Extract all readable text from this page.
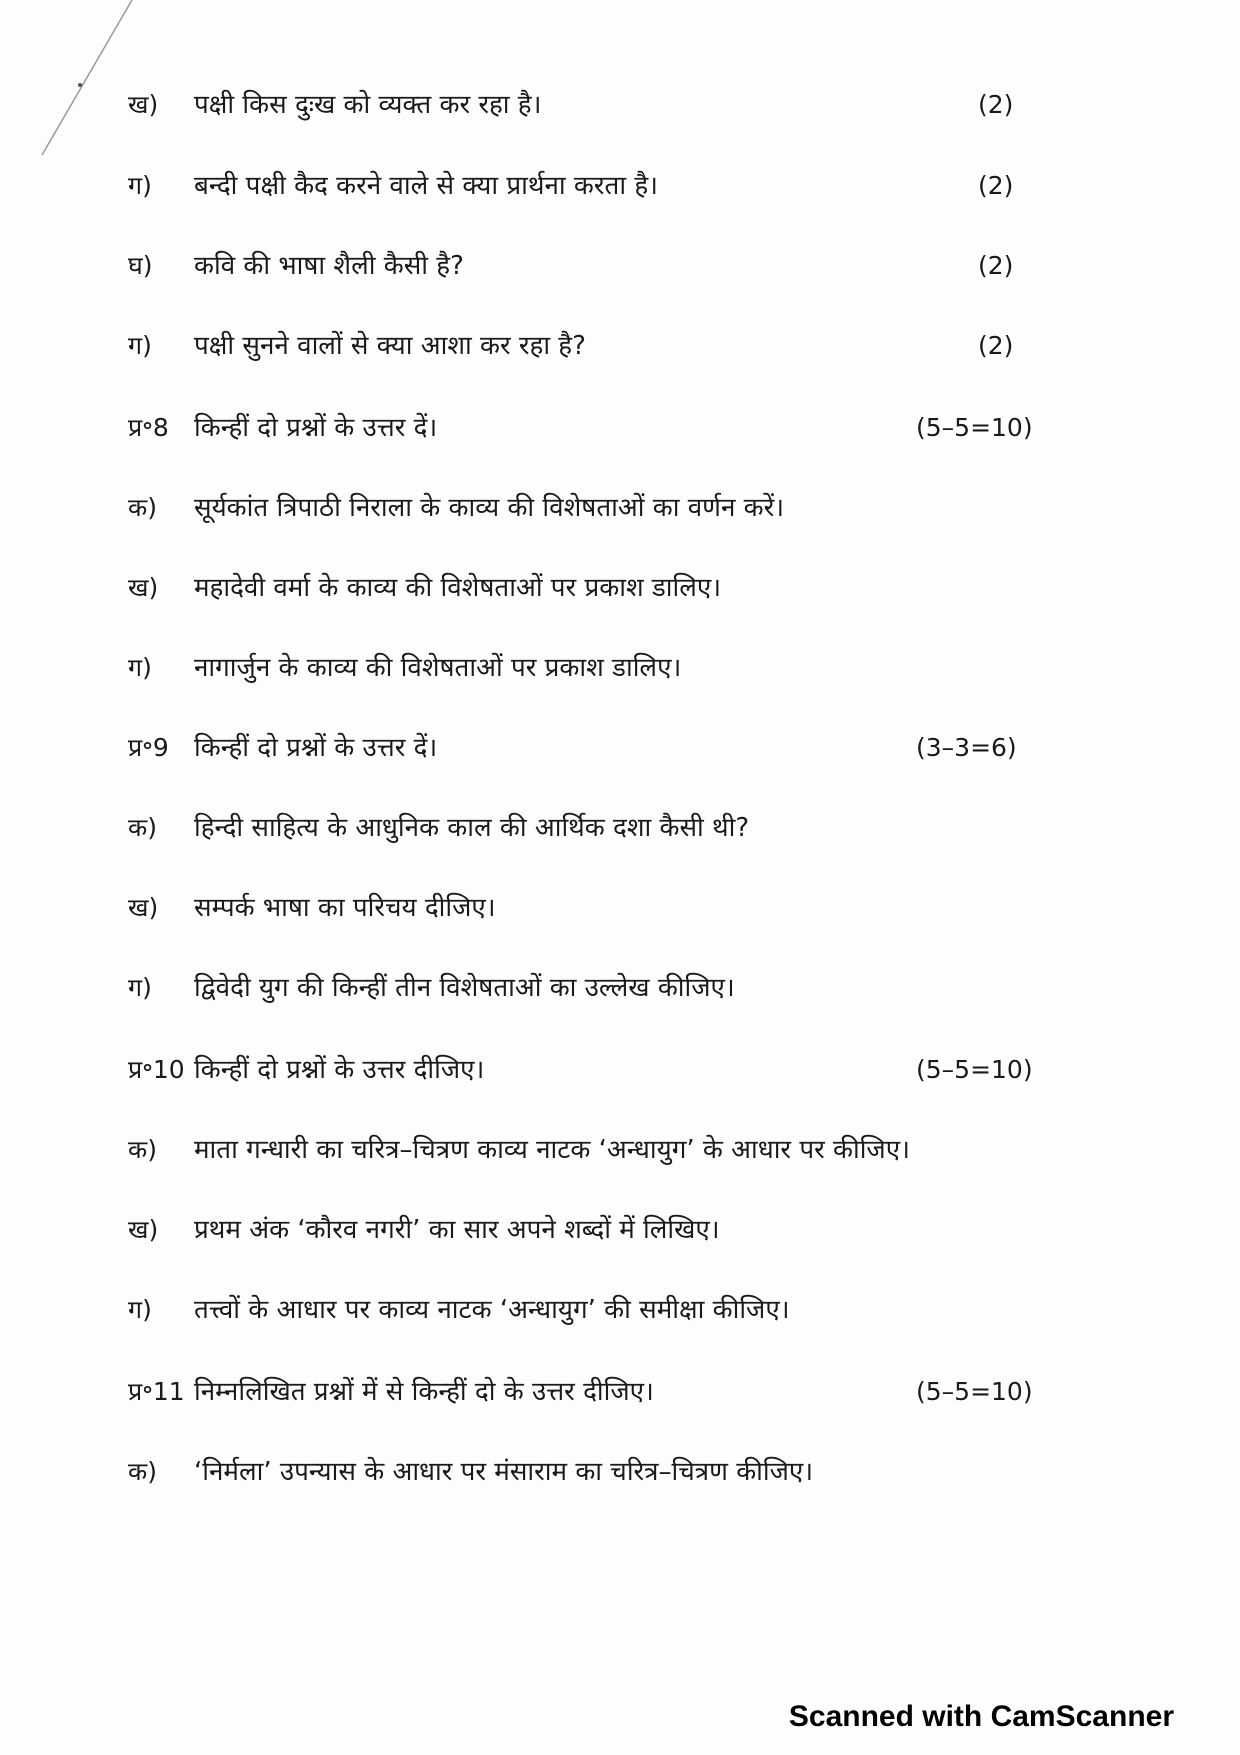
ख) पक्षी किस दुःख को व्यक्त कर रहा है।	(2)
ग) बन्दी पक्षी कैद करने वाले से क्या प्रार्थना करता है।	(2)
घ) कवि की भाषा शैली कैसी है?	(2)
ग) पक्षी सुनने वालों से क्या आशा कर रहा है?	(2)
प्र॰8 किन्हीं दो प्रश्नों के उत्तर दें।	(5–5=10)
क) सूर्यकांत त्रिपाठी निराला के काव्य की विशेषताओं का वर्णन करें।
ख) महादेवी वर्मा के काव्य की विशेषताओं पर प्रकाश डालिए।
ग) नागार्जुन के काव्य की विशेषताओं पर प्रकाश डालिए।
प्र॰9 किन्हीं दो प्रश्नों के उत्तर दें।	(3–3=6)
क) हिन्दी साहित्य के आधुनिक काल की आर्थिक दशा कैसी थी?
ख) सम्पर्क भाषा का परिचय दीजिए।
ग) द्विवेदी युग की किन्हीं तीन विशेषताओं का उल्लेख कीजिए।
प्र॰10 किन्हीं दो प्रश्नों के उत्तर दीजिए।	(5–5=10)
क) माता गन्धारी का चरित्र–चित्रण काव्य नाटक ‘अन्धायुग’ के आधार पर कीजिए।
ख) प्रथम अंक ‘कौरव नगरी’ का सार अपने शब्दों में लिखिए।
ग) तत्त्वों के आधार पर काव्य नाटक ‘अन्धायुग’ की समीक्षा कीजिए।
प्र॰11 निम्नलिखित प्रश्नों में से किन्हीं दो के उत्तर दीजिए।	(5–5=10)
क) ‘निर्मला’ उपन्यास के आधार पर मंसाराम का चरित्र–चित्रण कीजिए।
Scanned with CamScanner
